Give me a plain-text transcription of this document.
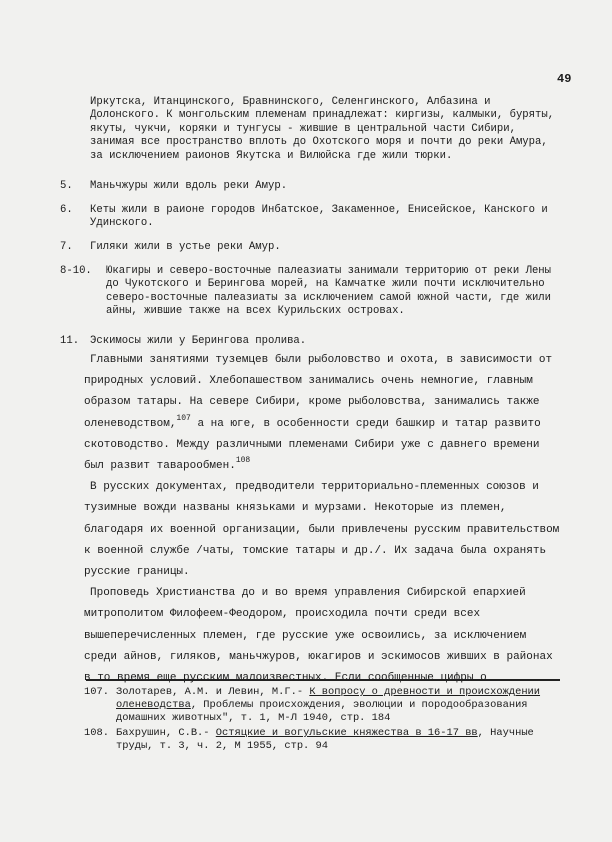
49

Иркутска, Итанцинского, Бравнинского, Селенгинского, Албазина и Долонского. К монгольским племенам принадлежат: киргизы, калмыки, буряты, якуты, чукчи, коряки и тунгусы - жившие в центральной части Сибири, занимая все пространство вплоть до Охотского моря и почти до реки Амура, за исключением раионов Якутска и Вилюйска где жили тюрки.

5. Маньчжуры жили вдоль реки Амур.

6. Кеты жили в раионе городов Инбатское, Закаменное, Енисейское, Канского и Удинского.

7. Гиляки жили в устье реки Амур.

8-10. Юкагиры и северо-восточные палеазиаты занимали территорию от реки Лены до Чукотского и Берингова морей, на Камчатке жили почти исключительно северо-восточные палеазиаты за исключением самой южной части, где жили айны, жившие также на всех Курильских островах.

11. Эскимосы жили у Берингова пролива.

Главными занятиями туземцев были рыболовство и охота, в зависимости от природных условий. Хлебопашеством занимались очень немногие, главным образом татары. На севере Сибири, кроме рыболовства, занимались также оленеводством,$^{107}$ а на юге, в особенности среди башкир и татар развито скотоводство. Между различными племенами Сибири уже с давнего времени был развит таварообмен.$^{108}$

В русских документах, предводители территориально-племенных союзов и тузимные вожди названы князьками и мурзами. Некоторые из племен, благодаря их военной организации, были привлечены русским правительством к военной службе /чаты, томские татары и др./. Их задача была охранять русские границы.

Проповедь Христианства до и во время управления Сибирской епархией митрополитом Филофеем-Феодором, происходила почти среди всех вышеперечисленных племен, где русские уже освоились, за исключением среди айнов, гиляков, маньчжуров, юкагиров и эскимосов живших в районах в то время еще русским малоизвестных. Если сообщенные цифры о

107. Золотарев, А.М. и Левин, М.Г.- К вопросу о древности и происхождении оленеводства, Проблемы происхождения, эволюции и породообразования домашних животных", т. 1, М-Л 1940, стр. 184
108. Бахрушин, С.В.- Остяцкие и вогульские княжества в 16-17 вв, Научные труды, т. 3, ч. 2, М 1955, стр. 94
